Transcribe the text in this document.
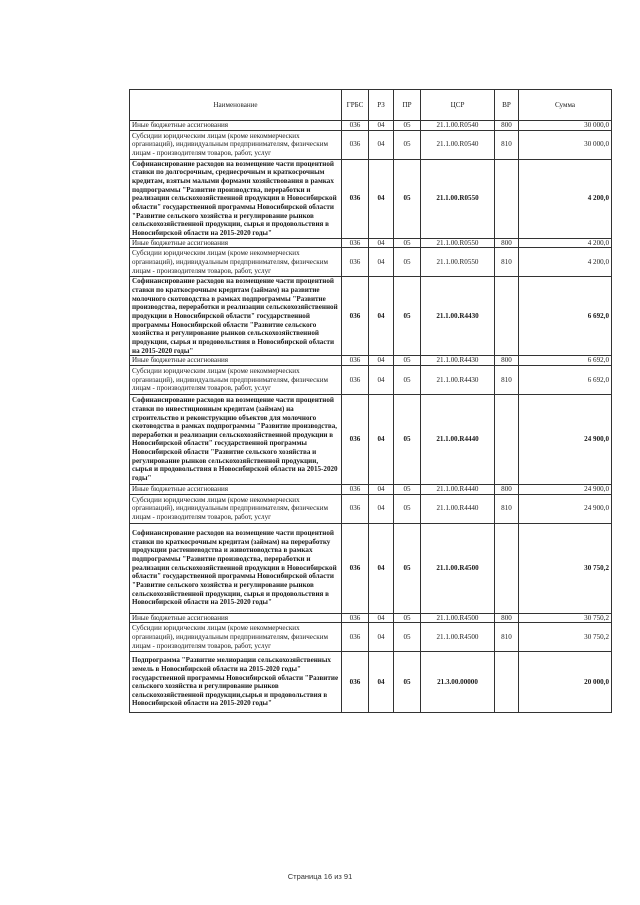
Наименование	ГРБС	РЗ	ПР	ЦСР	ВР	Сумма
Иные бюджетные ассигнования	036	04	05	21.1.00.R0540	800	30 000,0
Субсидии юридическим лицам (кроме некоммерческих организаций), индивидуальным предпринимателям, физическим лицам - производителям товаров, работ, услуг	036	04	05	21.1.00.R0540	810	30 000,0
Софинансирование расходов на возмещение части процентной ставки по долгосрочным, среднесрочным и краткосрочным кредитам, взятым малыми формами хозяйствования в рамках подпрограммы "Развитие производства, переработки и реализации сельскохозяйственной продукции в Новосибирской области" государственной программы Новосибирской области "Развитие сельского хозяйства и регулирование рынков сельскохозяйственной продукции, сырья и продовольствия в Новосибирской области на 2015-2020 годы"	036	04	05	21.1.00.R0550		4 200,0
Иные бюджетные ассигнования	036	04	05	21.1.00.R0550	800	4 200,0
Субсидии юридическим лицам (кроме некоммерческих организаций), индивидуальным предпринимателям, физическим лицам - производителям товаров, работ, услуг	036	04	05	21.1.00.R0550	810	4 200,0
Софинансирование расходов на возмещение части процентной ставки по краткосрочным кредитам (займам) на развитие молочного скотоводства в рамках подпрограммы "Развитие производства, переработки и реализации сельскохозяйственной продукции в Новосибирской области" государственной программы Новосибирской области "Развитие сельского хозяйства и регулирование рынков сельскохозяйственной продукции, сырья и продовольствия в Новосибирской области на 2015-2020 годы"	036	04	05	21.1.00.R4430		6 692,0
Иные бюджетные ассигнования	036	04	05	21.1.00.R4430	800	6 692,0
Субсидии юридическим лицам (кроме некоммерческих организаций), индивидуальным предпринимателям, физическим лицам - производителям товаров, работ, услуг	036	04	05	21.1.00.R4430	810	6 692,0
Софинансирование расходов на возмещение части процентной ставки по инвестиционным кредитам (займам) на строительство и реконструкцию объектов для молочного скотоводства в рамках подпрограммы "Развитие производства, переработки и реализации сельскохозяйственной продукции в Новосибирской области" государственной программы Новосибирской области "Развитие сельского хозяйства и регулирование рынков сельскохозяйственной продукции, сырья и продовольствия в Новосибирской области на 2015-2020 годы"	036	04	05	21.1.00.R4440		24 900,0
Иные бюджетные ассигнования	036	04	05	21.1.00.R4440	800	24 900,0
Субсидии юридическим лицам (кроме некоммерческих организаций), индивидуальным предпринимателям, физическим лицам - производителям товаров, работ, услуг	036	04	05	21.1.00.R4440	810	24 900,0
Софинансирование расходов на возмещение части процентной ставки по краткосрочным кредитам (займам) на переработку продукции растениеводства и животноводства в рамках подпрограммы "Развитие производства, переработки и реализации сельскохозяйственной продукции в Новосибирской области" государственной программы Новосибирской области "Развитие сельского хозяйства и регулирование рынков сельскохозяйственной продукции, сырья и продовольствия в Новосибирской области на 2015-2020 годы"	036	04	05	21.1.00.R4500		30 750,2
Иные бюджетные ассигнования	036	04	05	21.1.00.R4500	800	30 750,2
Субсидии юридическим лицам (кроме некоммерческих организаций), индивидуальным предпринимателям, физическим лицам - производителям товаров, работ, услуг	036	04	05	21.1.00.R4500	810	30 750,2
Подпрограмма "Развитие мелиорации сельскохозяйственных земель в Новосибирской области на 2015-2020 годы" государственной программы Новосибирской области "Развитие сельского хозяйства и регулирование рынков сельскохозяйственной продукции,сырья и продовольствия в Новосибирской области на 2015-2020 годы"	036	04	05	21.3.00.00000		20 000,0
Страница 16 из 91
